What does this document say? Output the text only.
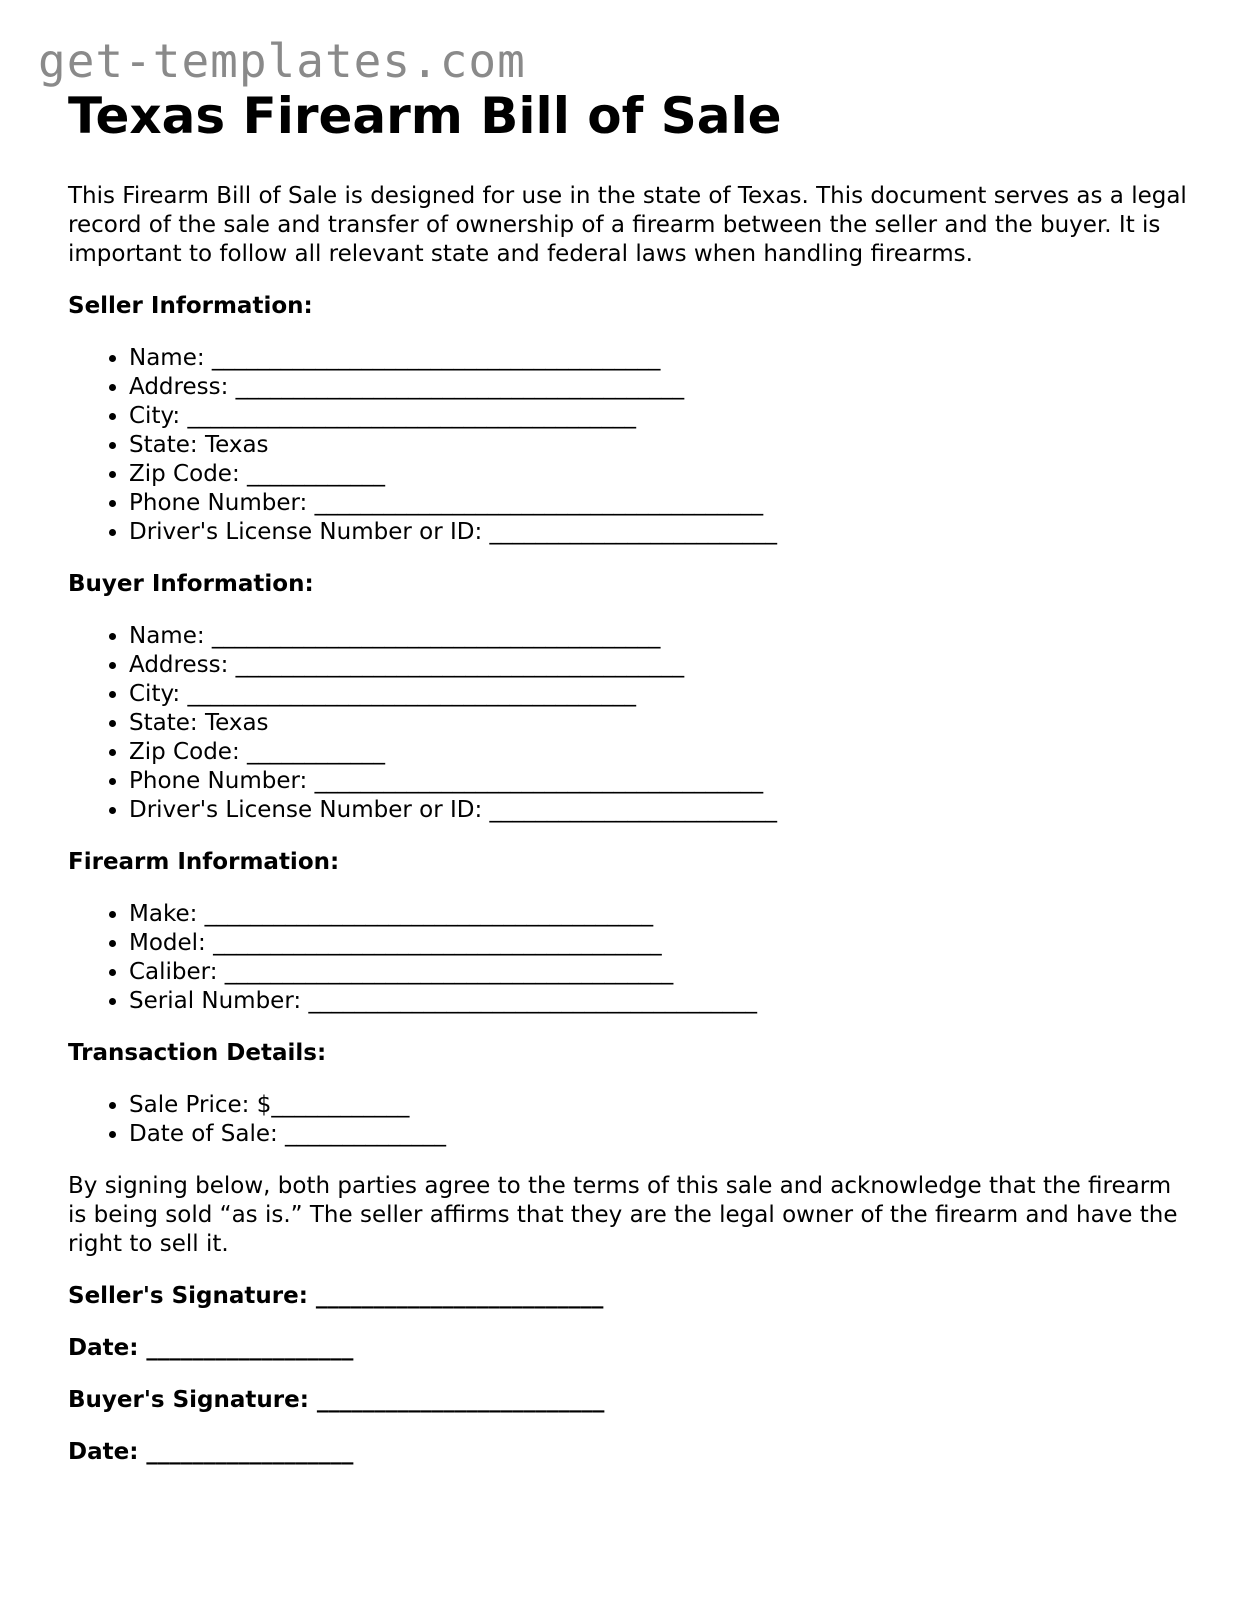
get-templates.com
Texas Firearm Bill of Sale

This Firearm Bill of Sale is designed for use in the state of Texas. This document serves as a legal record of the sale and transfer of ownership of a firearm between the seller and the buyer. It is important to follow all relevant state and federal laws when handling firearms.

Seller Information:
• Name: _______________________________________
• Address: _______________________________________
• City: _______________________________________
• State: Texas
• Zip Code: ____________
• Phone Number: _______________________________________
• Driver's License Number or ID: _________________________
Buyer Information:
• Name: _______________________________________
• Address: _______________________________________
• City: _______________________________________
• State: Texas
• Zip Code: ____________
• Phone Number: _______________________________________
• Driver's License Number or ID: _________________________
Firearm Information:
• Make: _______________________________________
• Model: _______________________________________
• Caliber: _______________________________________
• Serial Number: _______________________________________
Transaction Details:
• Sale Price: $____________
• Date of Sale: ______________

By signing below, both parties agree to the terms of this sale and acknowledge that the firearm is being sold “as is.” The seller affirms that they are the legal owner of the firearm and have the right to sell it.

Seller's Signature: _________________________
Date: __________________
Buyer's Signature: _________________________
Date: __________________
